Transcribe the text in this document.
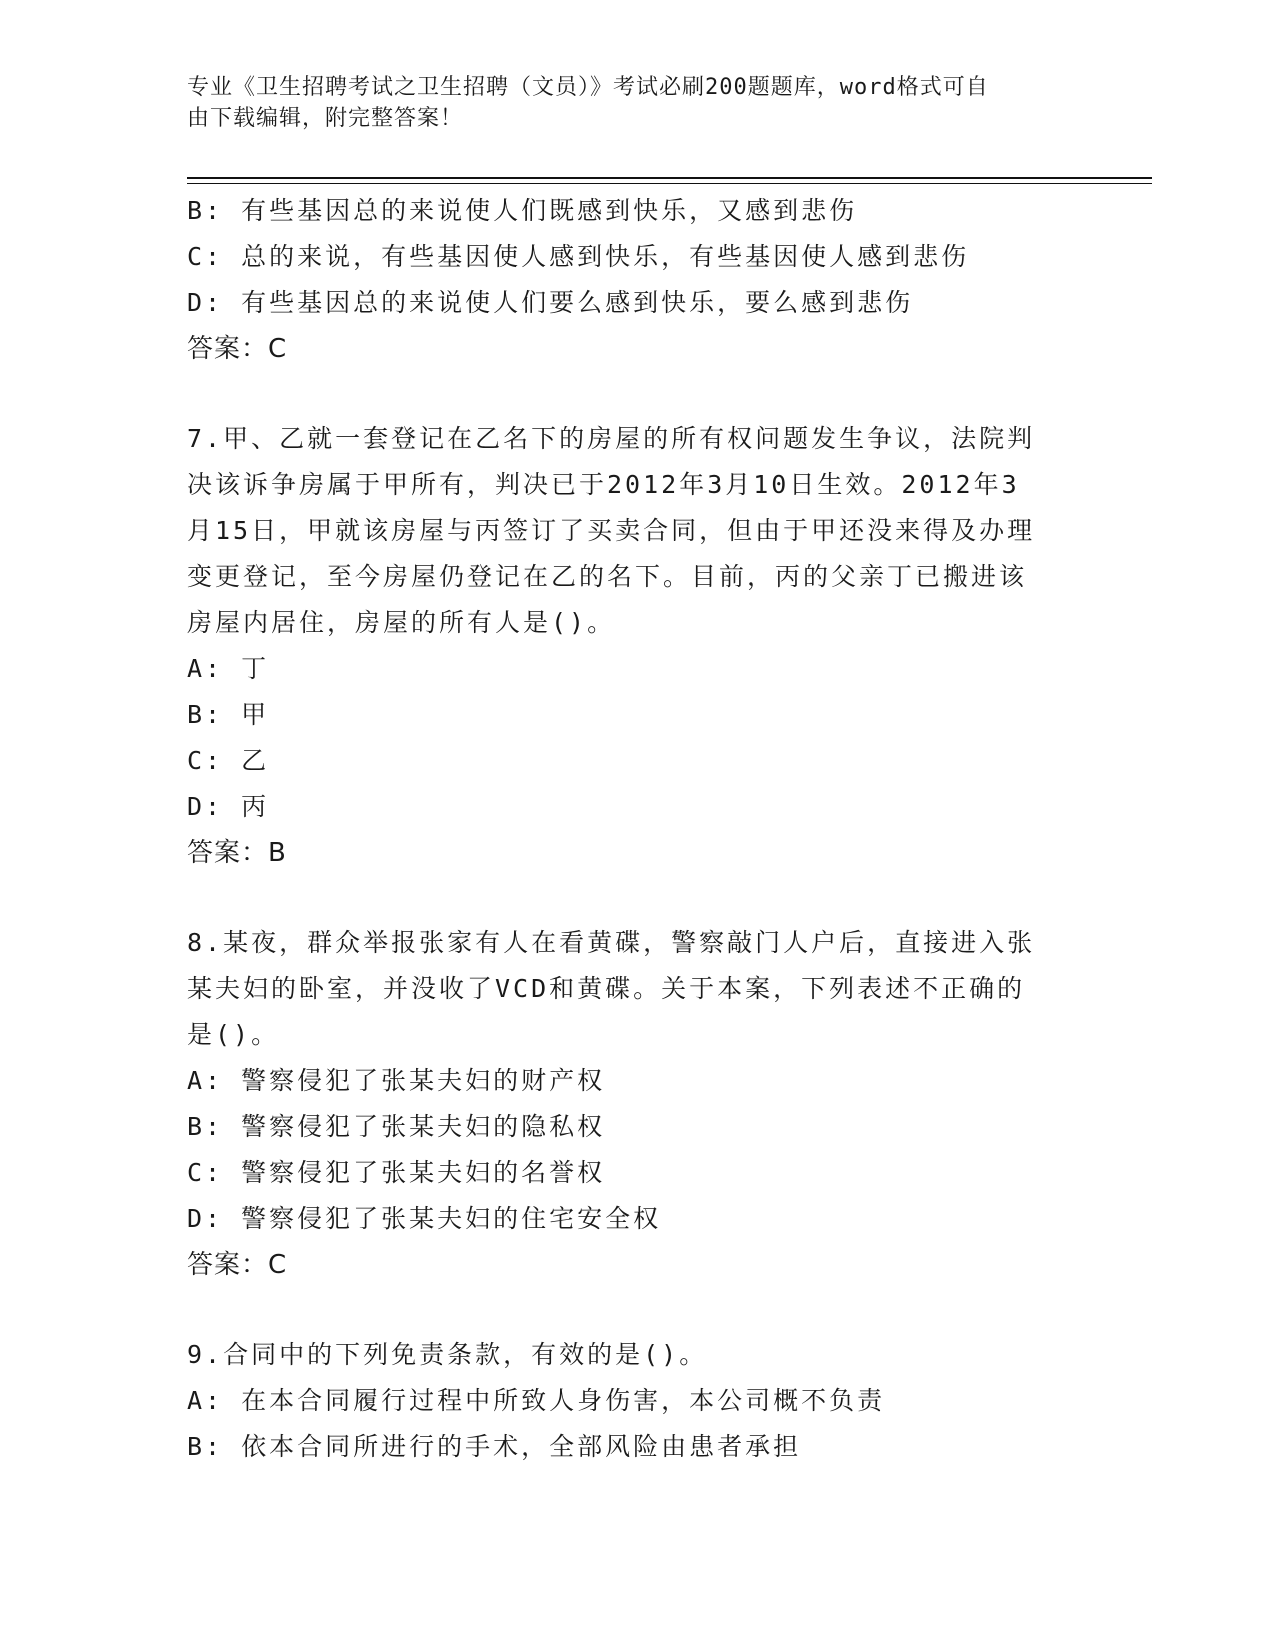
专业《卫生招聘考试之卫生招聘（文员）》考试必刷200题题库，word格式可自
由下载编辑，附完整答案！
B: 有些基因总的来说使人们既感到快乐，又感到悲伤
C: 总的来说，有些基因使人感到快乐，有些基因使人感到悲伤
D: 有些基因总的来说使人们要么感到快乐，要么感到悲伤
答案：C
7.甲、乙就一套登记在乙名下的房屋的所有权问题发生争议，法院判
决该诉争房属于甲所有，判决已于2012年3月10日生效。2012年3
月15日，甲就该房屋与丙签订了买卖合同，但由于甲还没来得及办理
变更登记，至今房屋仍登记在乙的名下。目前，丙的父亲丁已搬进该
房屋内居住，房屋的所有人是()。
A: 丁
B: 甲
C: 乙
D: 丙
答案：B
8.某夜，群众举报张家有人在看黄碟，警察敲门人户后，直接进入张
某夫妇的卧室，并没收了VCD和黄碟。关于本案，下列表述不正确的
是()。
A: 警察侵犯了张某夫妇的财产权
B: 警察侵犯了张某夫妇的隐私权
C: 警察侵犯了张某夫妇的名誉权
D: 警察侵犯了张某夫妇的住宅安全权
答案：C
9.合同中的下列免责条款，有效的是()。
A: 在本合同履行过程中所致人身伤害，本公司概不负责
B: 依本合同所进行的手术，全部风险由患者承担
